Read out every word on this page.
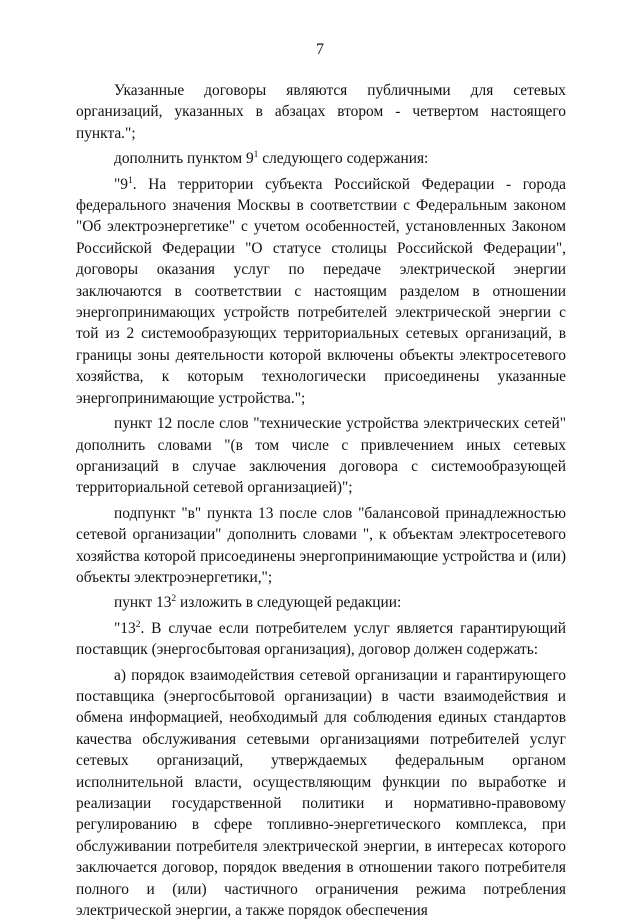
7

Указанные договоры являются публичными для сетевых организаций, указанных в абзацах втором - четвертом настоящего пункта.";

дополнить пунктом $9^1$ следующего содержания:

"$9^1$. На территории субъекта Российской Федерации - города федерального значения Москвы в соответствии с Федеральным законом "Об электроэнергетике" с учетом особенностей, установленных Законом Российской Федерации "О статусе столицы Российской Федерации", договоры оказания услуг по передаче электрической энергии заключаются в соответствии с настоящим разделом в отношении энергопринимающих устройств потребителей электрической энергии с той из 2 системообразующих территориальных сетевых организаций, в границы зоны деятельности которой включены объекты электросетевого хозяйства, к которым технологически присоединены указанные энергопринимающие устройства.";

пункт 12 после слов "технические устройства электрических сетей" дополнить словами "(в том числе с привлечением иных сетевых организаций в случае заключения договора с системообразующей территориальной сетевой организацией)";

подпункт "в" пункта 13 после слов "балансовой принадлежностью сетевой организации" дополнить словами ", к объектам электросетевого хозяйства которой присоединены энергопринимающие устройства и (или) объекты электроэнергетики,";

пункт $13^2$ изложить в следующей редакции:

"$13^2$. В случае если потребителем услуг является гарантирующий поставщик (энергосбытовая организация), договор должен содержать:

а) порядок взаимодействия сетевой организации и гарантирующего поставщика (энергосбытовой организации) в части взаимодействия и обмена информацией, необходимый для соблюдения единых стандартов качества обслуживания сетевыми организациями потребителей услуг сетевых организаций, утверждаемых федеральным органом исполнительной власти, осуществляющим функции по выработке и реализации государственной политики и нормативно-правовому регулированию в сфере топливно-энергетического комплекса, при обслуживании потребителя электрической энергии, в интересах которого заключается договор, порядок введения в отношении такого потребителя полного и (или) частичного ограничения режима потребления электрической энергии, а также порядок обеспечения
